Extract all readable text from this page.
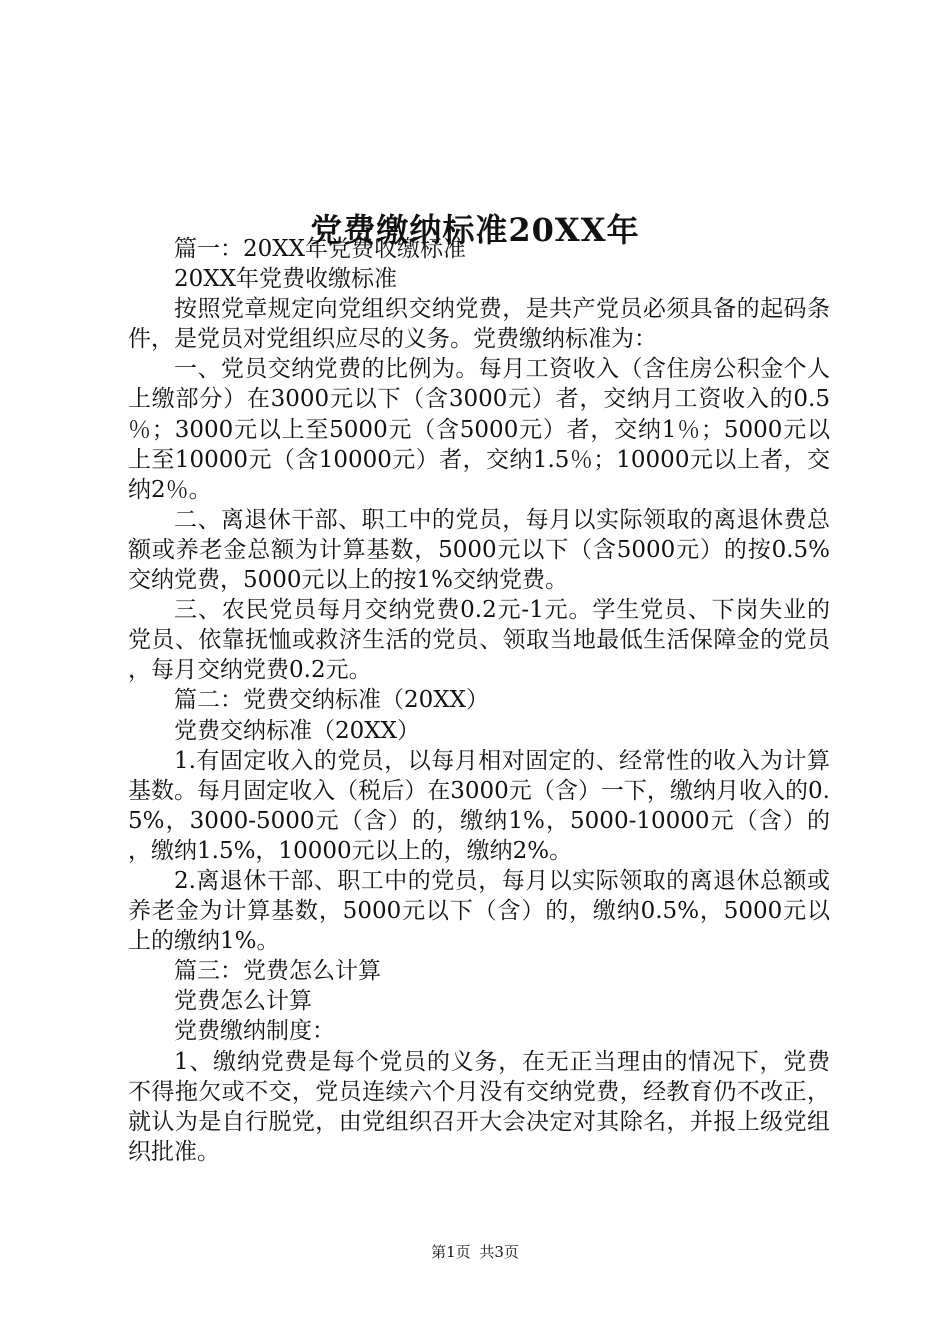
党费缴纳标准20XX年

篇一：20XX年党费收缴标准

20XX年党费收缴标准

按照党章规定向党组织交纳党费，是共产党员必须具备的起码条件，是党员对党组织应尽的义务。党费缴纳标准为：

一、党员交纳党费的比例为。每月工资收入（含住房公积金个人上缴部分）在3000元以下（含3000元）者，交纳月工资收入的0.5％；3000元以上至5000元（含5000元）者，交纳1％；5000元以上至10000元（含10000元）者，交纳1.5％；10000元以上者，交纳2％。

二、离退休干部、职工中的党员，每月以实际领取的离退休费总额或养老金总额为计算基数，5000元以下（含5000元）的按0.5%交纳党费，5000元以上的按1%交纳党费。

三、农民党员每月交纳党费0.2元-1元。学生党员、下岗失业的党员、依靠抚恤或救济生活的党员、领取当地最低生活保障金的党员，每月交纳党费0.2元。

篇二：党费交纳标准（20XX）

党费交纳标准（20XX）

1.有固定收入的党员，以每月相对固定的、经常性的收入为计算基数。每月固定收入（税后）在3000元（含）一下，缴纳月收入的0.5%，3000-5000元（含）的，缴纳1%，5000-10000元（含）的，缴纳1.5%，10000元以上的，缴纳2%。

2.离退休干部、职工中的党员，每月以实际领取的离退休总额或养老金为计算基数，5000元以下（含）的，缴纳0.5%，5000元以上的缴纳1%。

篇三：党费怎么计算

党费怎么计算

党费缴纳制度：

1、缴纳党费是每个党员的义务，在无正当理由的情况下，党费不得拖欠或不交，党员连续六个月没有交纳党费，经教育仍不改正，就认为是自行脱党，由党组织召开大会决定对其除名，并报上级党组织批准。

第1页 共3页
